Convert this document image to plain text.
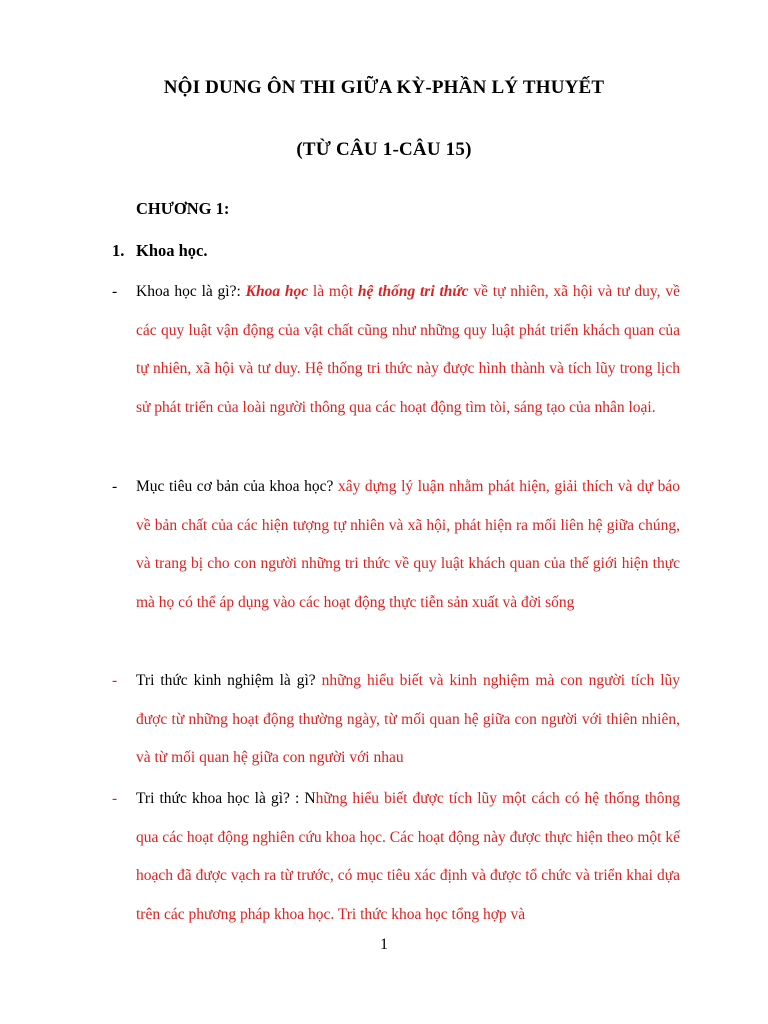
NỘI DUNG ÔN THI GIỮA KỲ-PHẦN LÝ THUYẾT
(TỪ CÂU 1-CÂU 15)
CHƯƠNG 1:
1. Khoa học.
- Khoa học là gì?: Khoa học là một hệ thống tri thức về tự nhiên, xã hội và tư duy, về các quy luật vận động của vật chất cũng như những quy luật phát triển khách quan của tự nhiên, xã hội và tư duy. Hệ thống tri thức này được hình thành và tích lũy trong lịch sử phát triển của loài người thông qua các hoạt động tìm tòi, sáng tạo của nhân loại.
- Mục tiêu cơ bản của khoa học? xây dựng lý luận nhằm phát hiện, giải thích và dự báo về bản chất của các hiện tượng tự nhiên và xã hội, phát hiện ra mối liên hệ giữa chúng, và trang bị cho con người những tri thức về quy luật khách quan của thế giới hiện thực mà họ có thể áp dụng vào các hoạt động thực tiễn sản xuất và đời sống
- Tri thức kinh nghiệm là gì? những hiểu biết và kinh nghiệm mà con người tích lũy được từ những hoạt động thường ngày, từ mối quan hệ giữa con người với thiên nhiên, và từ mối quan hệ giữa con người với nhau
- Tri thức khoa học là gì? : Những hiểu biết được tích lũy một cách có hệ thống thông qua các hoạt động nghiên cứu khoa học. Các hoạt động này được thực hiện theo một kế hoạch đã được vạch ra từ trước, có mục tiêu xác định và được tổ chức và triển khai dựa trên các phương pháp khoa học. Tri thức khoa học tổng hợp và
1
